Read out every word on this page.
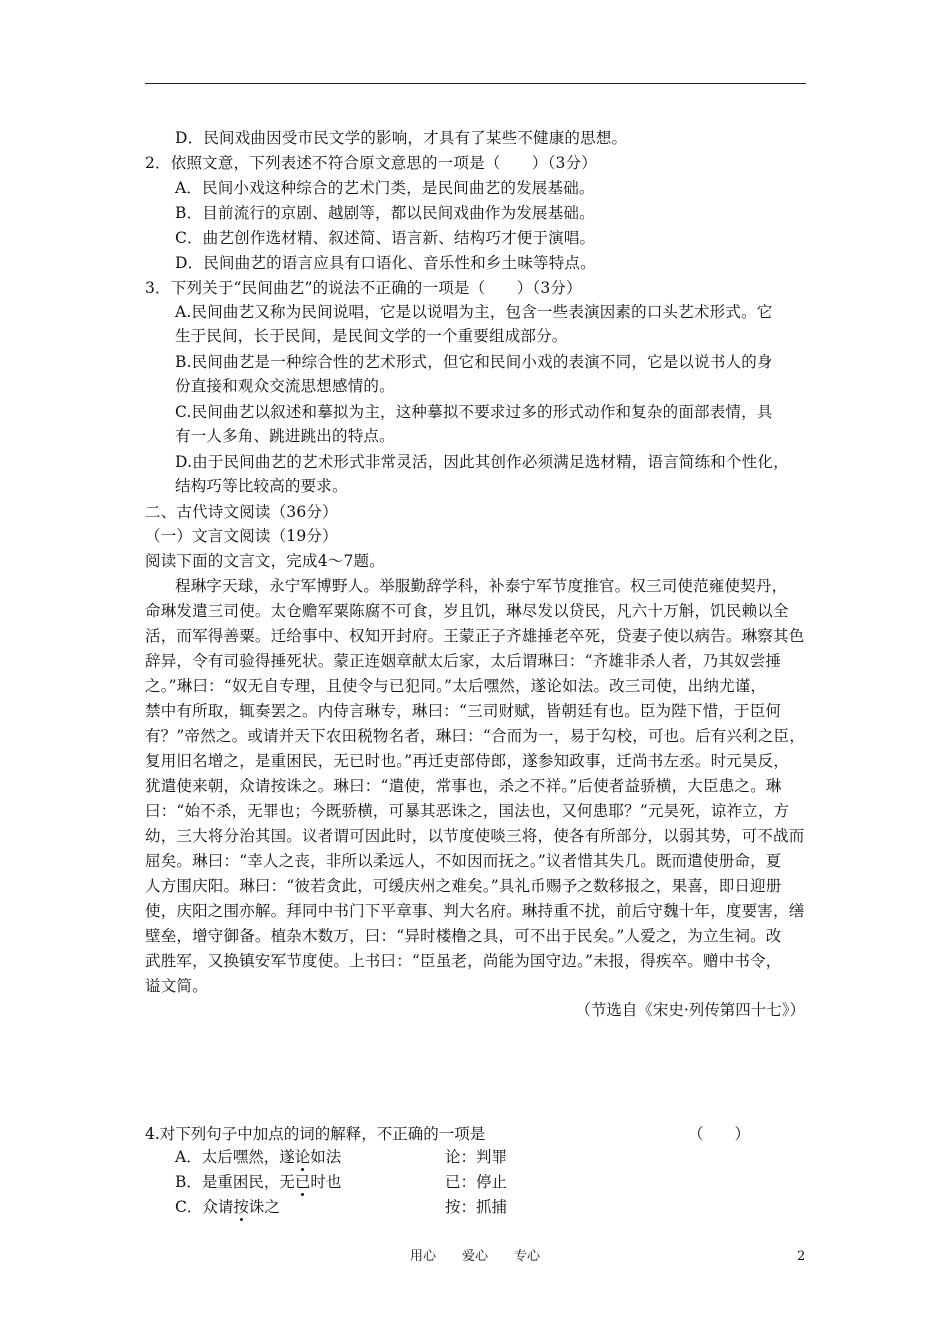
D．民间戏曲因受市民文学的影响，才具有了某些不健康的思想。
2．依照文意，下列表述不符合原文意思的一项是（　　）（3分）
A．民间小戏这种综合的艺术门类，是民间曲艺的发展基础。
B．目前流行的京剧、越剧等，都以民间戏曲作为发展基础。
C．曲艺创作选材精、叙述简、语言新、结构巧才便于演唱。
D．民间曲艺的语言应具有口语化、音乐性和乡土味等特点。
3．下列关于“民间曲艺”的说法不正确的一项是（　　）（3分）
A.民间曲艺又称为民间说唱，它是以说唱为主，包含一些表演因素的口头艺术形式。它
生于民间，长于民间，是民间文学的一个重要组成部分。
B.民间曲艺是一种综合性的艺术形式，但它和民间小戏的表演不同，它是以说书人的身
份直接和观众交流思想感情的。
C.民间曲艺以叙述和摹拟为主，这种摹拟不要求过多的形式动作和复杂的面部表情，具
有一人多角、跳进跳出的特点。
D.由于民间曲艺的艺术形式非常灵活，因此其创作必须满足选材精，语言简练和个性化，
结构巧等比较高的要求。
二、古代诗文阅读（36分）
（一）文言文阅读（19分）
阅读下面的文言文，完成4～7题。
程琳字天球，永宁军博野人。举服勤辞学科，补泰宁军节度推官。权三司使范雍使契丹，
命琳发遣三司使。太仓赡军粟陈腐不可食，岁且饥，琳尽发以贷民，凡六十万斛，饥民赖以全
活，而军得善粟。迁给事中、权知开封府。王蒙正子齐雄捶老卒死，贷妻子使以病告。琳察其色
辞异，令有司验得捶死状。蒙正连姻章献太后家，太后谓琳曰：“齐雄非杀人者，乃其奴尝捶
之。”琳曰：“奴无自专理，且使令与已犯同。”太后嘿然，遂论如法。改三司使，出纳尤谨，
禁中有所取，辄奏罢之。内侍言琳专，琳曰：“三司财赋，皆朝廷有也。臣为陛下惜，于臣何
有？”帝然之。或请并天下农田税物名者，琳曰：“合而为一，易于勾校，可也。后有兴利之臣，
复用旧名增之，是重困民，无已时也。”再迁吏部侍郎，遂参知政事，迁尚书左丞。时元昊反，
犹遣使来朝，众请按诛之。琳曰：“遣使，常事也，杀之不祥。”后使者益骄横，大臣患之。琳
曰：“始不杀，无罪也；今既骄横，可暴其恶诛之，国法也，又何患耶？”元昊死，谅祚立，方
幼，三大将分治其国。议者谓可因此时，以节度使啖三将，使各有所部分，以弱其势，可不战而
屈矣。琳曰：“幸人之丧，非所以柔远人，不如因而抚之。”议者惜其失几。既而遣使册命，夏
人方围庆阳。琳曰：“彼若贪此，可缓庆州之难矣。”具礼币赐予之数移报之，果喜，即日迎册
使，庆阳之围亦解。拜同中书门下平章事、判大名府。琳持重不扰，前后守魏十年，度要害，缮
壁垒，增守御备。植杂木数万，曰：“异时楼橹之具，可不出于民矣。”人爱之，为立生祠。改
武胜军，又换镇安军节度使。上书曰：“臣虽老，尚能为国守边。”未报，得疾卒。赠中书令，
谥文简。
（节选自《宋史·列传第四十七》）
4.对下列句子中加点的词的解释，不正确的一项是	（　　）
A．太后嘿然，遂论如法	论：判罪
B．是重困民，无已时也	已：停止
C．众请按诛之	按：抓捕
用心　　爱心　　专心	2
